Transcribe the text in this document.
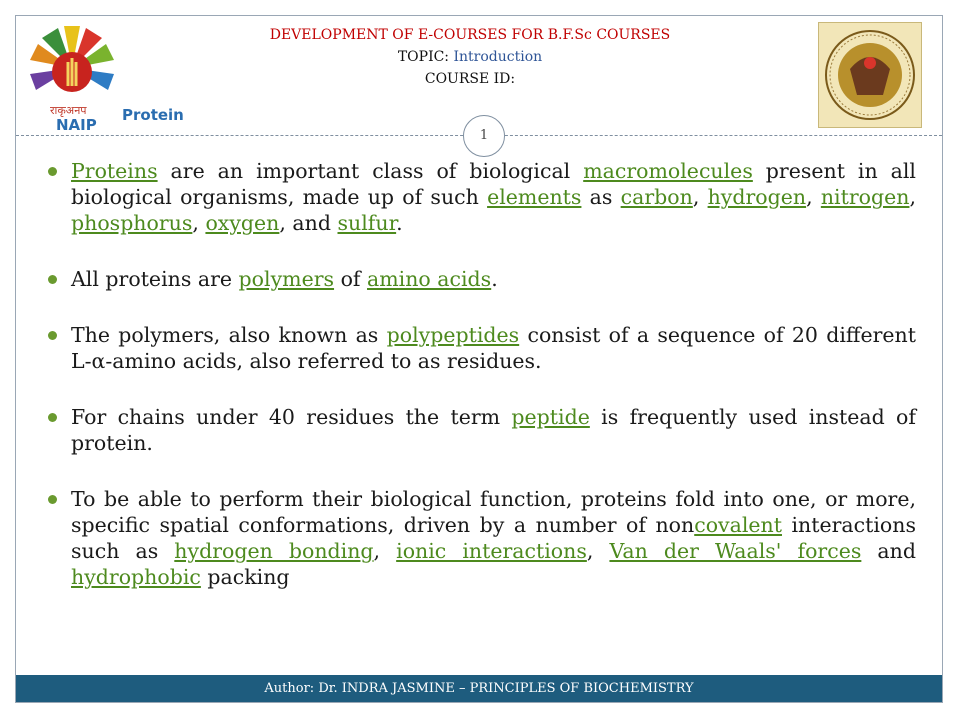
राकृअनप
NAIP
Protein
DEVELOPMENT OF E-COURSES FOR B.F.Sc COURSES
TOPIC: Introduction
COURSE ID:
1
Proteins are an important class of biological macromolecules present in all biological organisms, made up of such elements as carbon, hydrogen, nitrogen, phosphorus, oxygen, and sulfur.
All proteins are polymers of amino acids.
The polymers, also known as polypeptides consist of a sequence of 20 different L-α-amino acids, also referred to as residues.
For chains under 40 residues the term peptide is frequently used instead of protein.
To be able to perform their biological function, proteins fold into one, or more, specific spatial conformations, driven by a number of noncovalent interactions such as hydrogen bonding, ionic interactions, Van der Waals' forces and hydrophobic packing
Author: Dr. INDRA JASMINE – PRINCIPLES OF BIOCHEMISTRY
